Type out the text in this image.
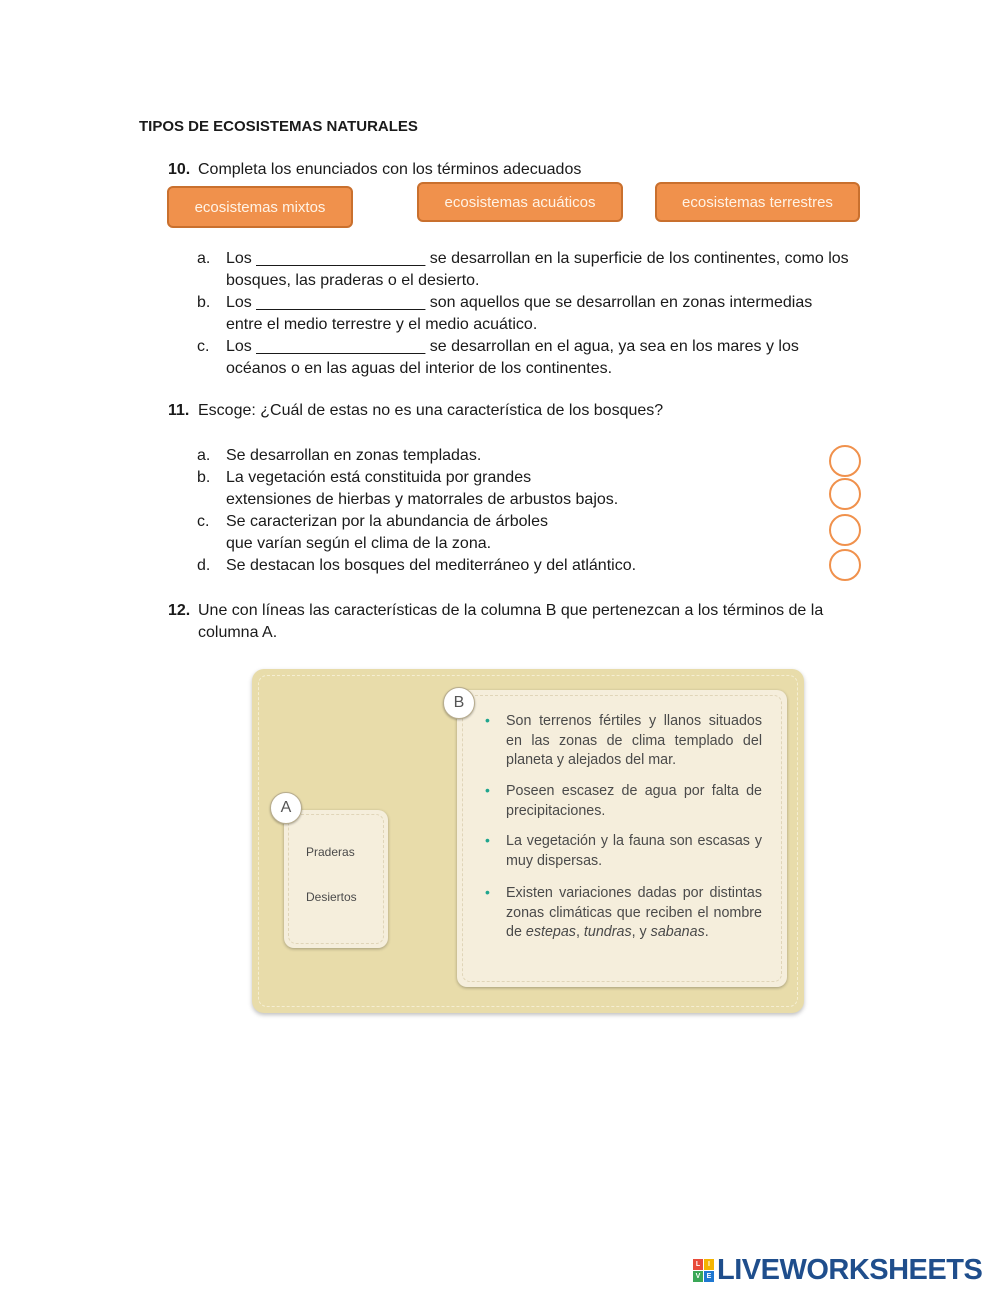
TIPOS DE ECOSISTEMAS NATURALES
10. Completa los enunciados con los términos adecuados
ecosistemas mixtos	ecosistemas acuáticos	ecosistemas terrestres
a. Los ___________________ se desarrollan en la superficie de los continentes, como los
bosques, las praderas o el desierto.
b. Los ___________________ son aquellos que se desarrollan en zonas intermedias
entre el medio terrestre y el medio acuático.
c. Los ___________________ se desarrollan en el agua, ya sea en los mares y los
océanos o en las aguas del interior de los continentes.
11. Escoge: ¿Cuál de estas no es una característica de los bosques?
a. Se desarrollan en zonas templadas.
b. La vegetación está constituida por grandes
extensiones de hierbas y matorrales de arbustos bajos.
c. Se caracterizan por la abundancia de árboles
que varían según el clima de la zona.
d. Se destacan los bosques del mediterráneo y del atlántico.
12. Une con líneas las características de la columna B que pertenezcan a los términos de la
columna A.
A
Praderas
Desiertos
B
• Son terrenos fértiles y llanos situados en las zonas de clima templado del planeta y alejados del mar.
• Poseen escasez de agua por falta de precipitaciones.
• La vegetación y la fauna son escasas y muy dispersas.
• Existen variaciones dadas por distintas zonas climáticas que reciben el nombre de estepas, tundras, y sabanas.
L	I
V E LIVEWORKSHEETS
